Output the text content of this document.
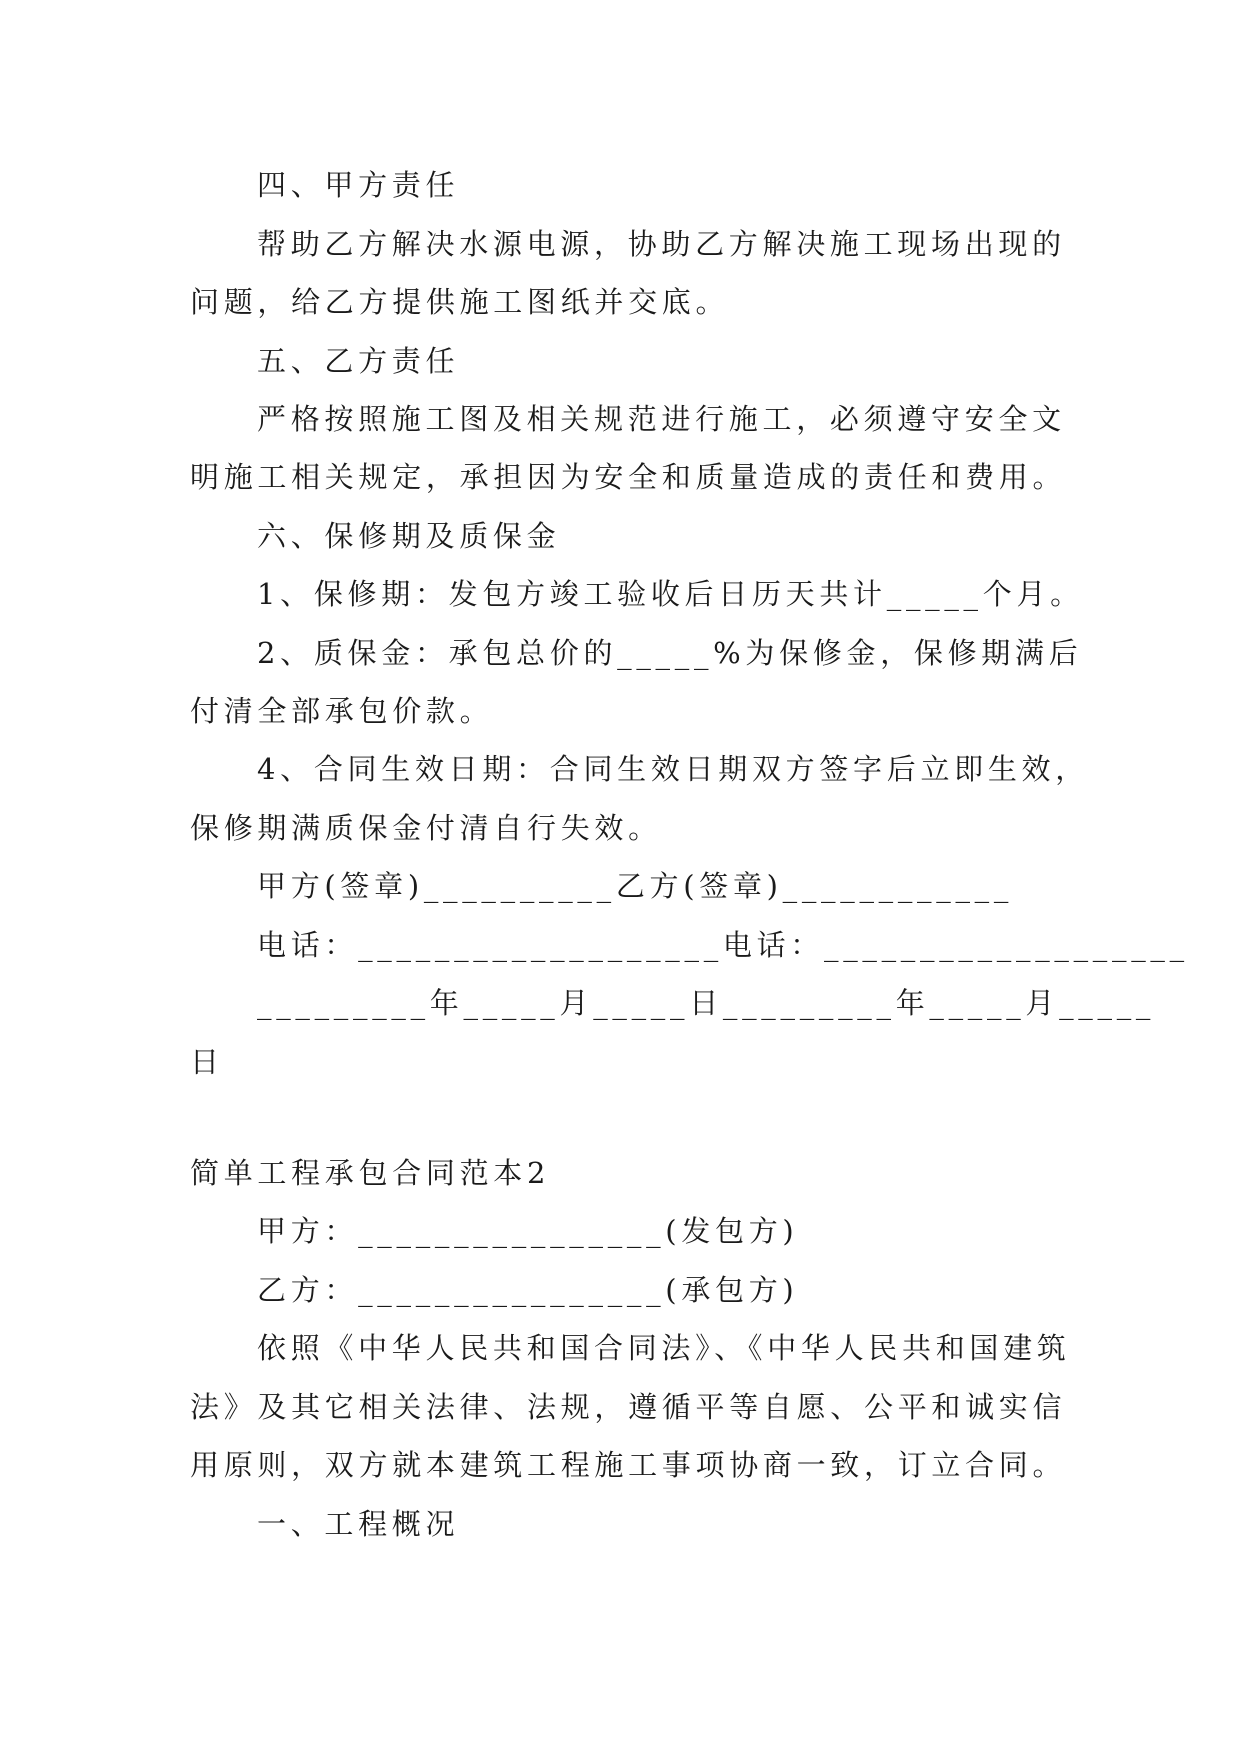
四、甲方责任
帮助乙方解决水源电源，协助乙方解决施工现场出现的
问题，给乙方提供施工图纸并交底。
五、乙方责任
严格按照施工图及相关规范进行施工，必须遵守安全文
明施工相关规定，承担因为安全和质量造成的责任和费用。
六、保修期及质保金
1、保修期：发包方竣工验收后日历天共计_____个月。
2、质保金：承包总价的_____%为保修金，保修期满后
付清全部承包价款。
4、合同生效日期：合同生效日期双方签字后立即生效，
保修期满质保金付清自行失效。
甲方(签章)__________乙方(签章)____________
电话：___________________电话：___________________
_________年_____月_____日_________年_____月_____
日
简单工程承包合同范本2
甲方：________________(发包方)
乙方：________________(承包方)
依照《中华人民共和国合同法》、《中华人民共和国建筑
法》及其它相关法律、法规，遵循平等自愿、公平和诚实信
用原则，双方就本建筑工程施工事项协商一致，订立合同。
一、工程概况
